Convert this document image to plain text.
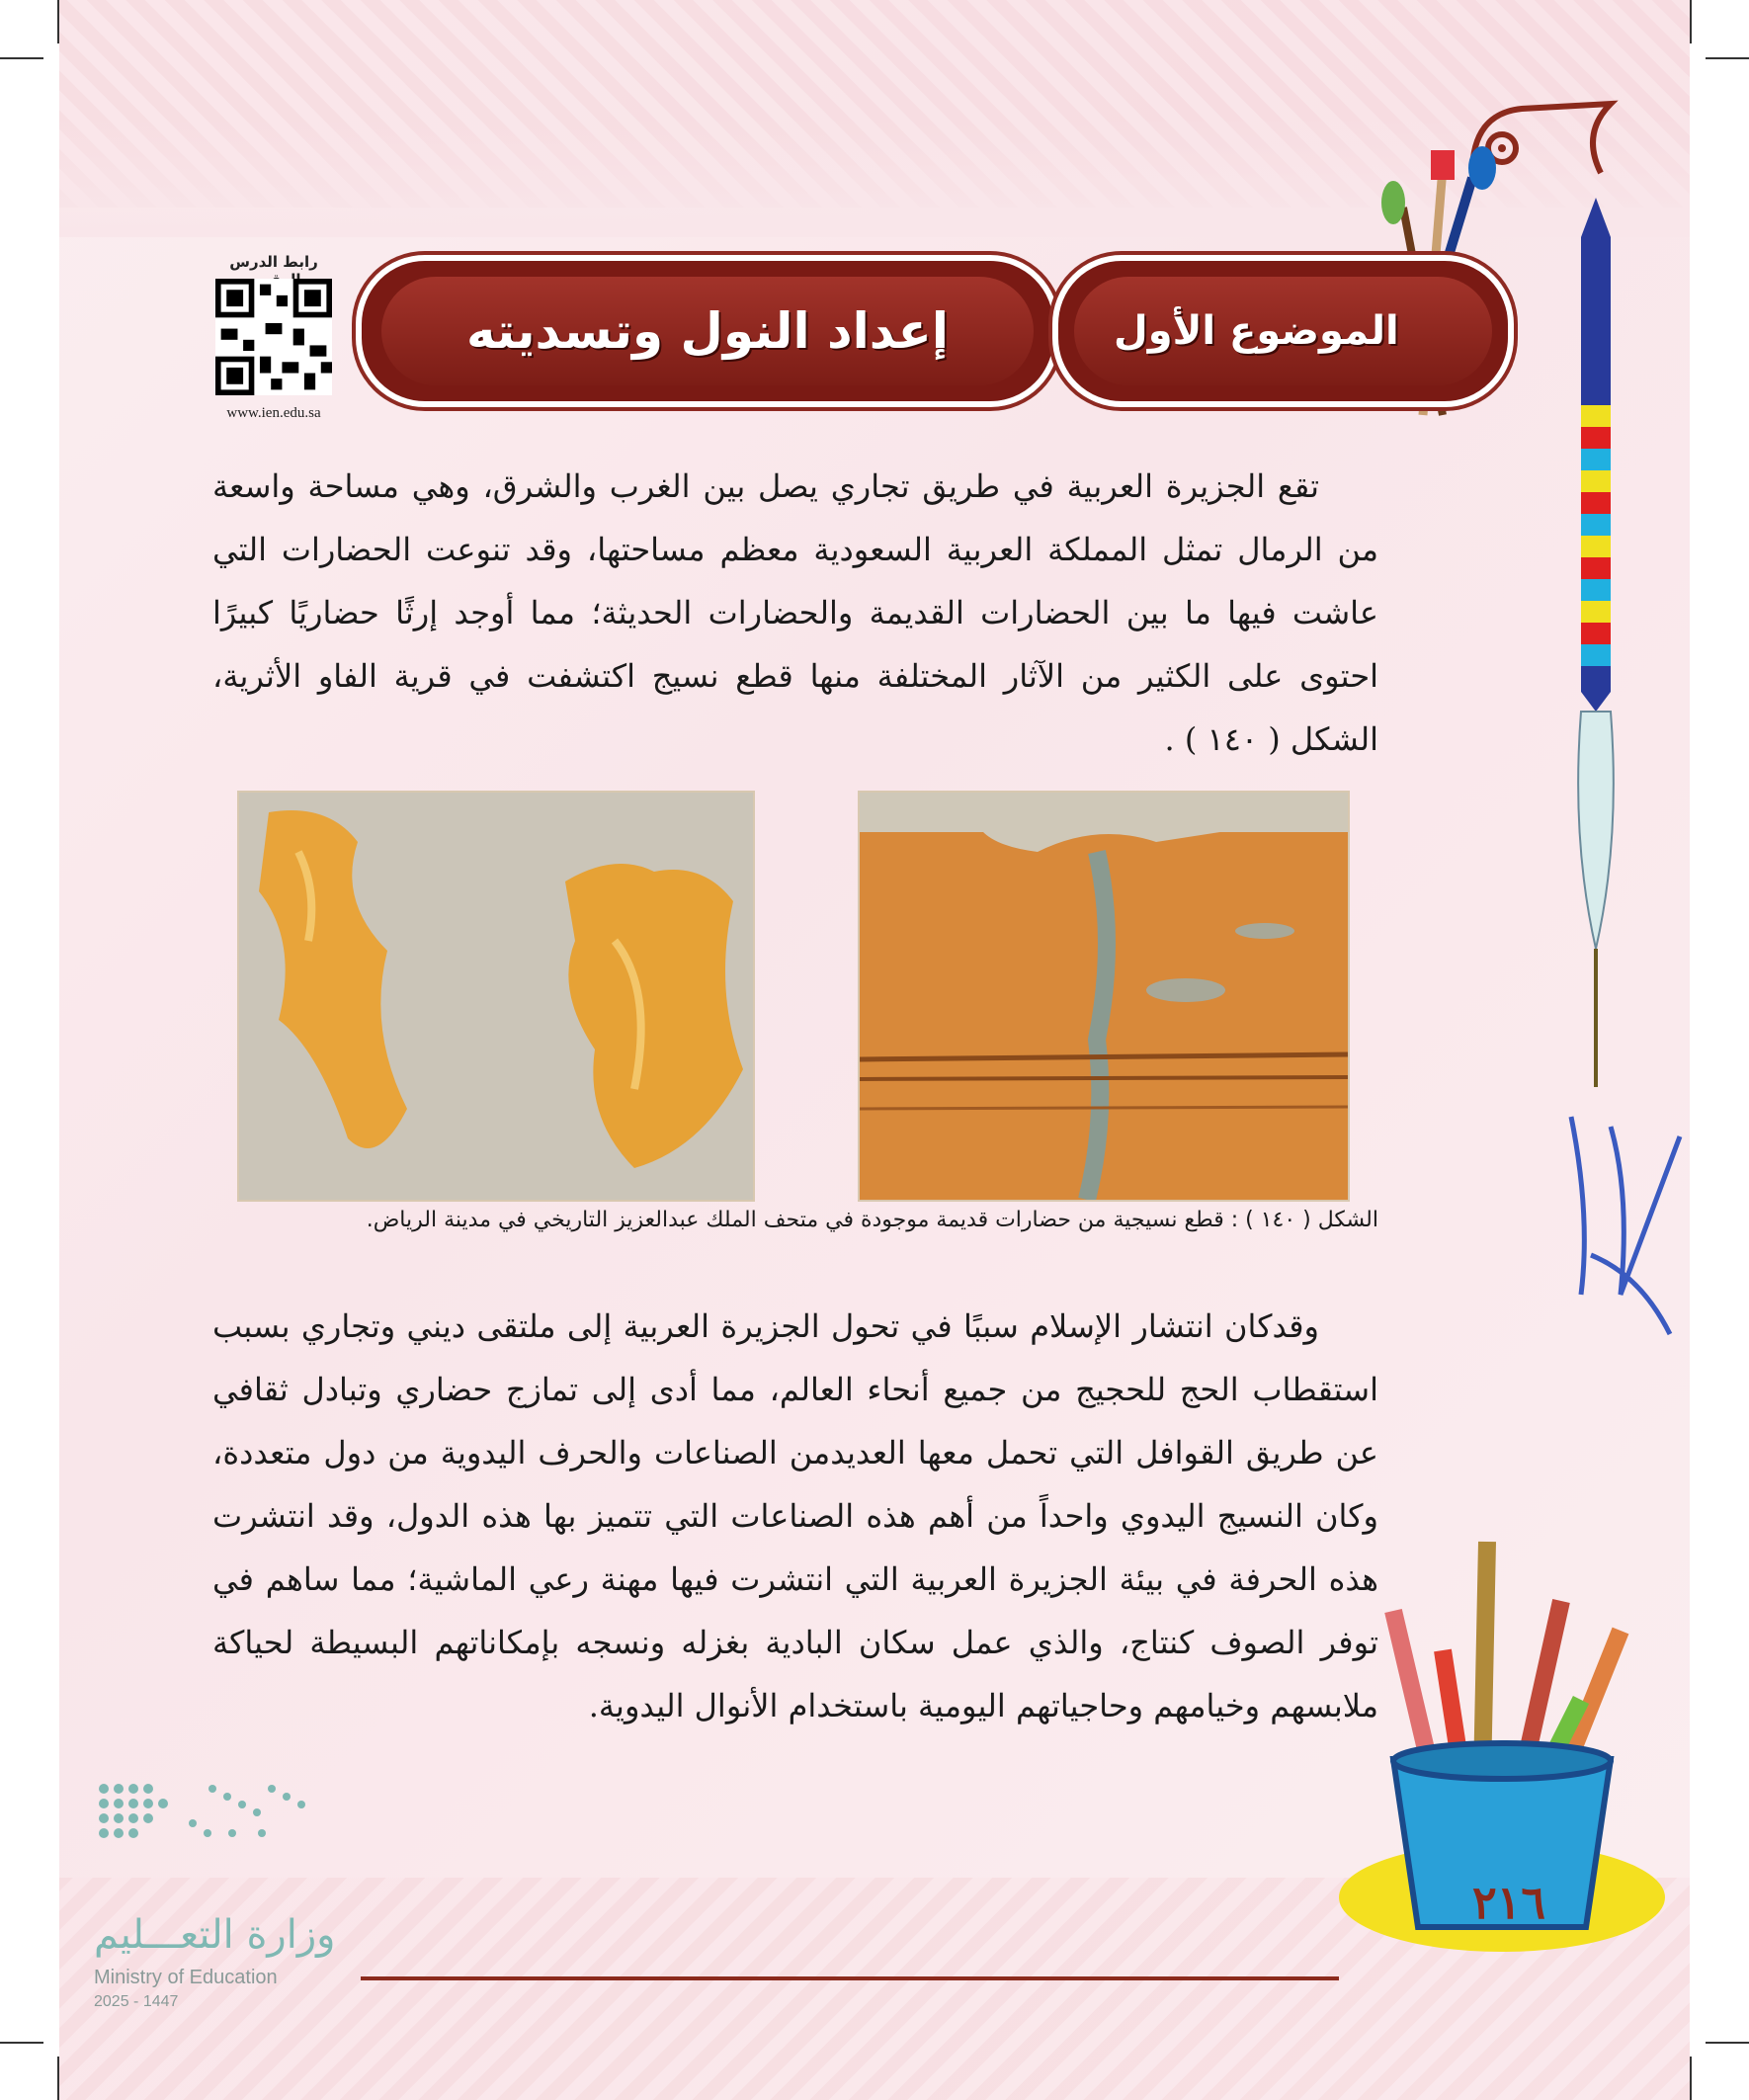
إعداد النول وتسديته	الموضوع الأول
رابط الدرس
www.ien.edu.sa
تقع الجزيرة العربية في طريق تجاري يصل بين الغرب والشرق، وهي مساحة واسعة من الرمال تمثل المملكة العربية السعودية معظم مساحتها، وقد تنوعت الحضارات التي عاشت فيها ما بين الحضارات القديمة والحضارات الحديثة؛ مما أوجد إرثًا حضاريًا كبيرًا احتوى على الكثير من الآثار المختلفة منها قطع نسيج اكتشفت في قرية الفاو الأثرية، الشكل ( ١٤٠ ) .
الشكل ( ١٤٠ ) : قطع نسيجية من حضارات قديمة موجودة في متحف الملك عبدالعزيز التاريخي في مدينة الرياض.
وقدكان انتشار الإسلام سببًا في تحول الجزيرة العربية إلى ملتقى ديني وتجاري بسبب استقطاب الحج للحجيج من جميع أنحاء العالم، مما أدى إلى تمازج حضاري وتبادل ثقافي عن طريق القوافل التي تحمل معها العديدمن الصناعات والحرف اليدوية من دول متعددة، وكان النسيج اليدوي واحداً من أهم هذه الصناعات التي تتميز بها هذه الدول، وقد انتشرت هذه الحرفة في بيئة الجزيرة العربية التي انتشرت فيها مهنة رعي الماشية؛ مما ساهم في توفر الصوف كنتاج، والذي عمل سكان البادية بغزله ونسجه بإمكاناتهم البسيطة لحياكة ملابسهم وخيامهم وحاجياتهم اليومية باستخدام الأنوال اليدوية.
٢١٦
وزارة التعـــليم
Ministry of Education
2025 - 1447
